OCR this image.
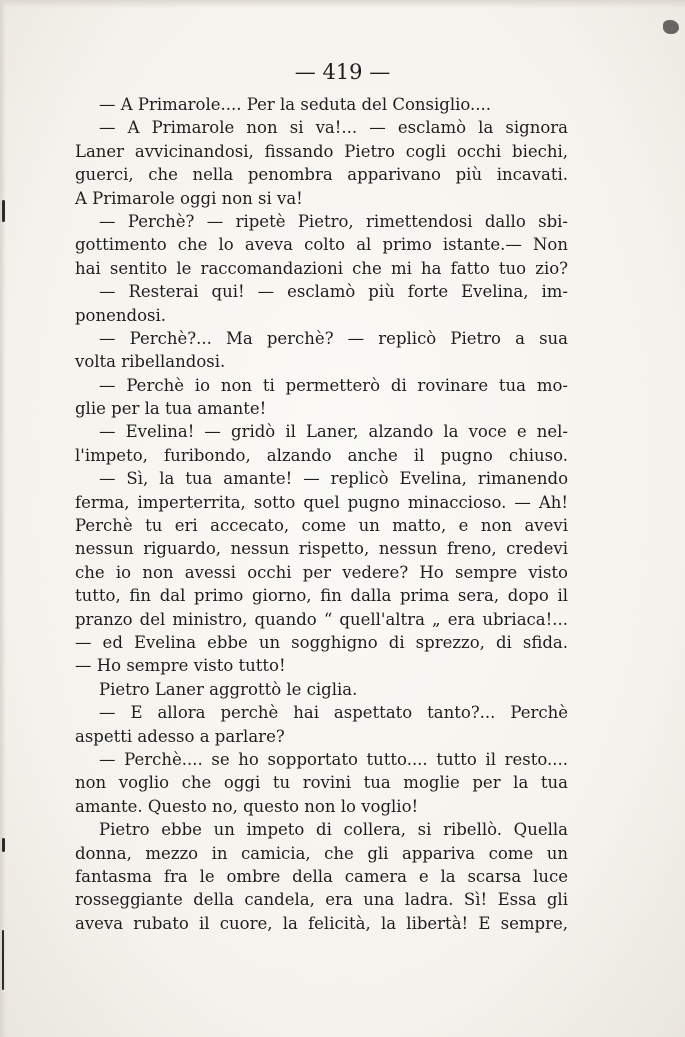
— 419 —
— A Primarole.... Per la seduta del Consiglio....
— A Primarole non si va!... — esclamò la signora
Laner avvicinandosi, fissando Pietro cogli occhi biechi,
guerci, che nella penombra apparivano più incavati.
A Primarole oggi non si va!
— Perchè? — ripetè Pietro, rimettendosi dallo sbi-
gottimento che lo aveva colto al primo istante.— Non
hai sentito le raccomandazioni che mi ha fatto tuo zio?
— Resterai qui! — esclamò più forte Evelina, im-
ponendosi.
— Perchè?... Ma perchè? — replicò Pietro a sua
volta ribellandosi.
— Perchè io non ti permetterò di rovinare tua mo-
glie per la tua amante!
— Evelina! — gridò il Laner, alzando la voce e nel-
l'impeto, furibondo, alzando anche il pugno chiuso.
— Sì, la tua amante! — replicò Evelina, rimanendo
ferma, imperterrita, sotto quel pugno minaccioso. — Ah!
Perchè tu eri accecato, come un matto, e non avevi
nessun riguardo, nessun rispetto, nessun freno, credevi
che io non avessi occhi per vedere? Ho sempre visto
tutto, fin dal primo giorno, fin dalla prima sera, dopo il
pranzo del ministro, quando “ quell'altra „ era ubriaca!...
— ed Evelina ebbe un sogghigno di sprezzo, di sfida.
— Ho sempre visto tutto!
Pietro Laner aggrottò le ciglia.
— E allora perchè hai aspettato tanto?... Perchè
aspetti adesso a parlare?
— Perchè.... se ho sopportato tutto.... tutto il resto....
non voglio che oggi tu rovini tua moglie per la tua
amante. Questo no, questo non lo voglio!
Pietro ebbe un impeto di collera, si ribellò. Quella
donna, mezzo in camicia, che gli appariva come un
fantasma fra le ombre della camera e la scarsa luce
rosseggiante della candela, era una ladra. Sì! Essa gli
aveva rubato il cuore, la felicità, la libertà! E sempre,
